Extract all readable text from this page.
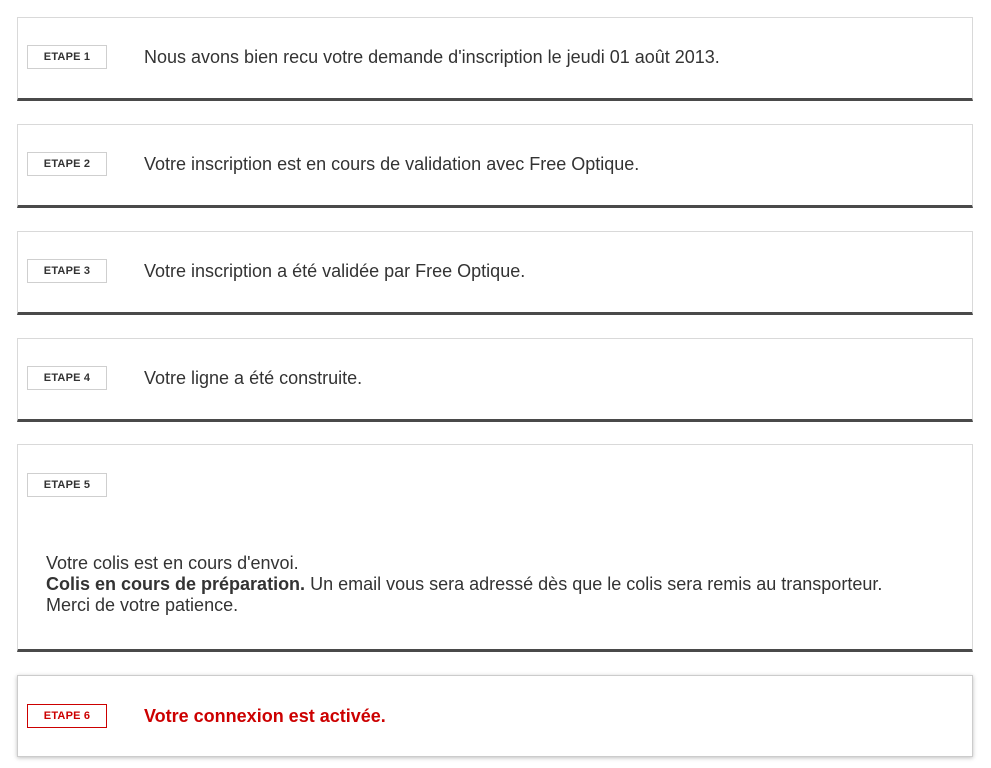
ETAPE 1	Nous avons bien recu votre demande d'inscription le jeudi 01 août 2013.
ETAPE 2	Votre inscription est en cours de validation avec Free Optique.
ETAPE 3	Votre inscription a été validée par Free Optique.
ETAPE 4	Votre ligne a été construite.
ETAPE 5
Votre colis est en cours d'envoi.
Colis en cours de préparation. Un email vous sera adressé dès que le colis sera remis au transporteur. Merci de votre patience.
ETAPE 6	Votre connexion est activée.
